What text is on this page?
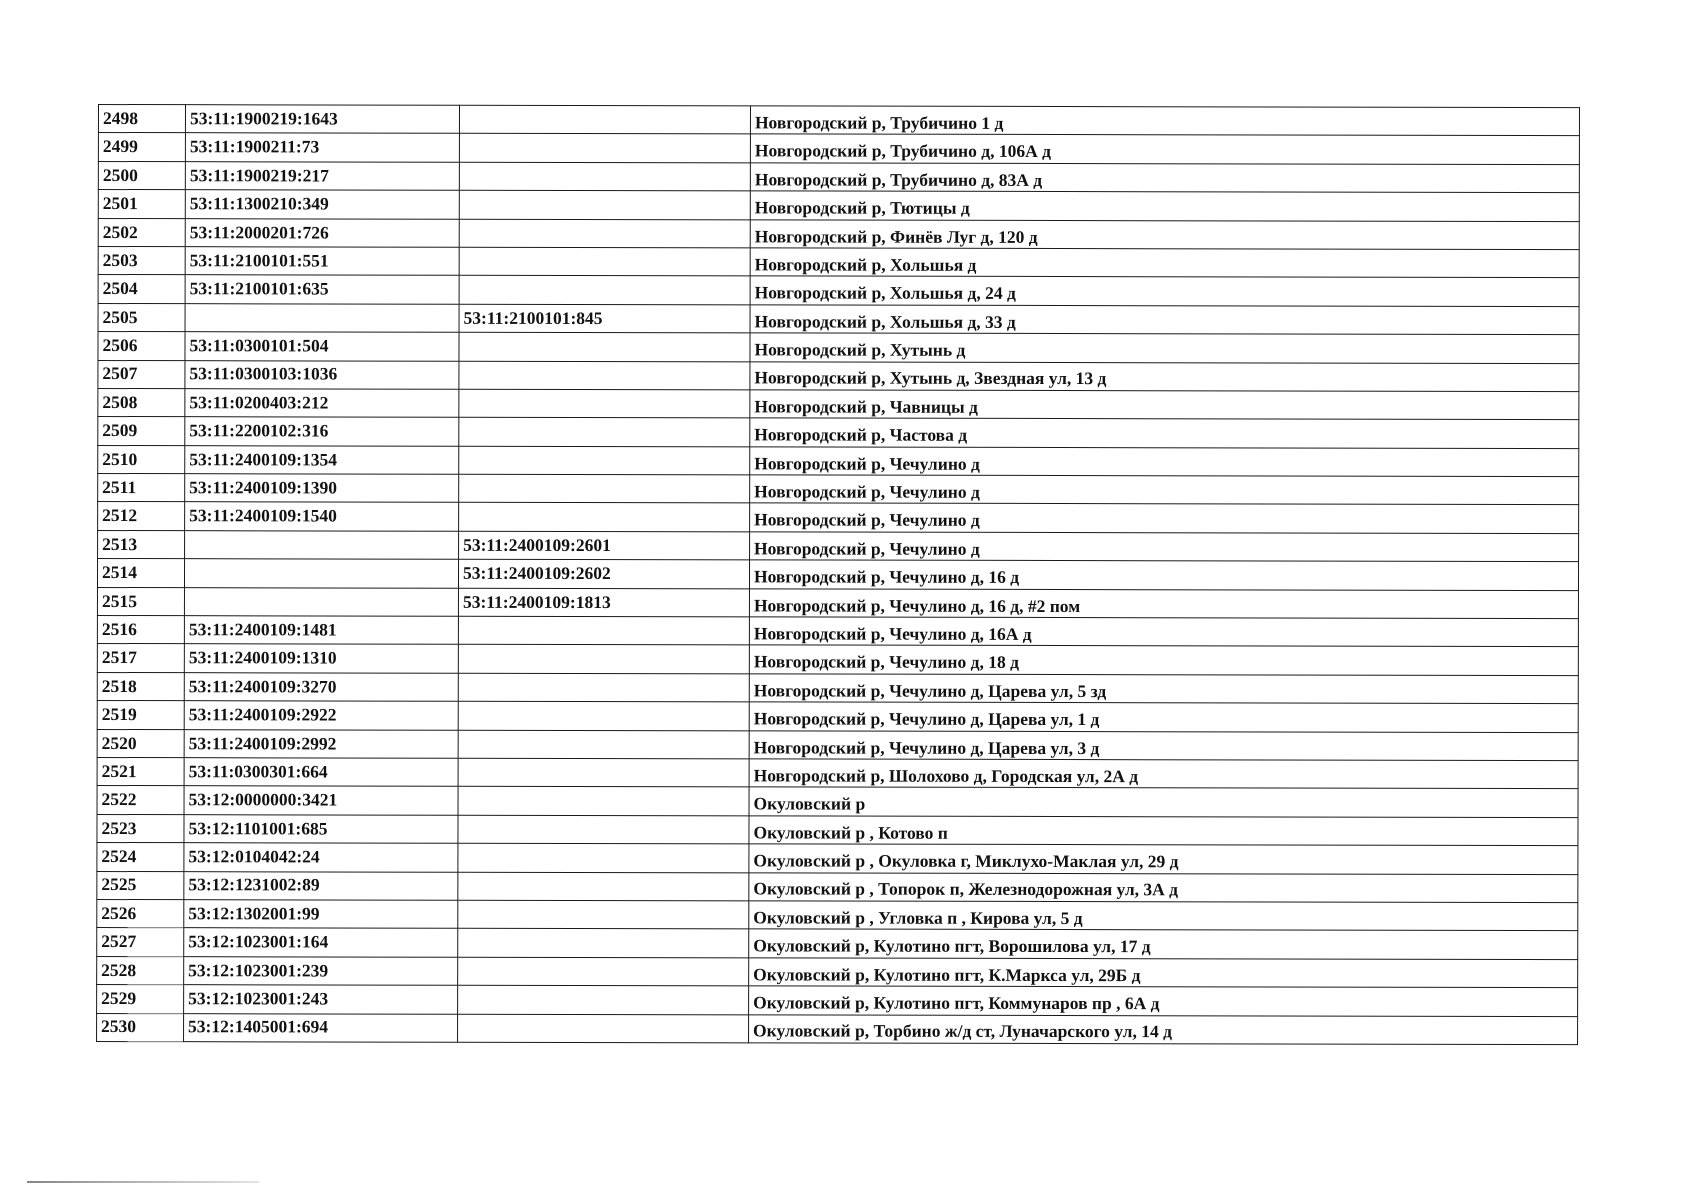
2498	53:11:1900219:1643		Новгородский р, Трубичино 1 д
2499	53:11:1900211:73		Новгородский р, Трубичино д, 106А д
2500	53:11:1900219:217		Новгородский р, Трубичино д, 83А д
2501	53:11:1300210:349		Новгородский р, Тютицы д
2502	53:11:2000201:726		Новгородский р, Финёв Луг д, 120 д
2503	53:11:2100101:551		Новгородский р, Хольшья д
2504	53:11:2100101:635		Новгородский р, Хольшья д, 24 д
2505		53:11:2100101:845	Новгородский р, Хольшья д, 33 д
2506	53:11:0300101:504		Новгородский р, Хутынь д
2507	53:11:0300103:1036		Новгородский р, Хутынь д, Звездная ул, 13 д
2508	53:11:0200403:212		Новгородский р, Чавницы д
2509	53:11:2200102:316		Новгородский р, Частова д
2510	53:11:2400109:1354		Новгородский р, Чечулино д
2511	53:11:2400109:1390		Новгородский р, Чечулино д
2512	53:11:2400109:1540		Новгородский р, Чечулино д
2513		53:11:2400109:2601	Новгородский р, Чечулино д
2514		53:11:2400109:2602	Новгородский р, Чечулино д, 16 д
2515		53:11:2400109:1813	Новгородский р, Чечулино д, 16 д, #2 пом
2516	53:11:2400109:1481		Новгородский р, Чечулино д, 16А д
2517	53:11:2400109:1310		Новгородский р, Чечулино д, 18 д
2518	53:11:2400109:3270		Новгородский р, Чечулино д, Царева ул, 5 зд
2519	53:11:2400109:2922		Новгородский р, Чечулино д, Царева ул, 1 д
2520	53:11:2400109:2992		Новгородский р, Чечулино д, Царева ул, 3 д
2521	53:11:0300301:664		Новгородский р, Шолохово д, Городская ул, 2А д
2522	53:12:0000000:3421		Окуловский р
2523	53:12:1101001:685		Окуловский р , Котово п
2524	53:12:0104042:24		Окуловский р , Окуловка г, Миклухо-Маклая ул, 29 д
2525	53:12:1231002:89		Окуловский р , Топорок п, Железнодорожная ул, 3А д
2526	53:12:1302001:99		Окуловский р , Угловка п , Кирова ул, 5 д
2527	53:12:1023001:164		Окуловский р, Кулотино пгт, Ворошилова ул, 17 д
2528	53:12:1023001:239		Окуловский р, Кулотино пгт, К.Маркса ул, 29Б д
2529	53:12:1023001:243		Окуловский р, Кулотино пгт, Коммунаров пр , 6А д
2530	53:12:1405001:694		Окуловский р, Торбино ж/д ст, Луначарского ул, 14 д
